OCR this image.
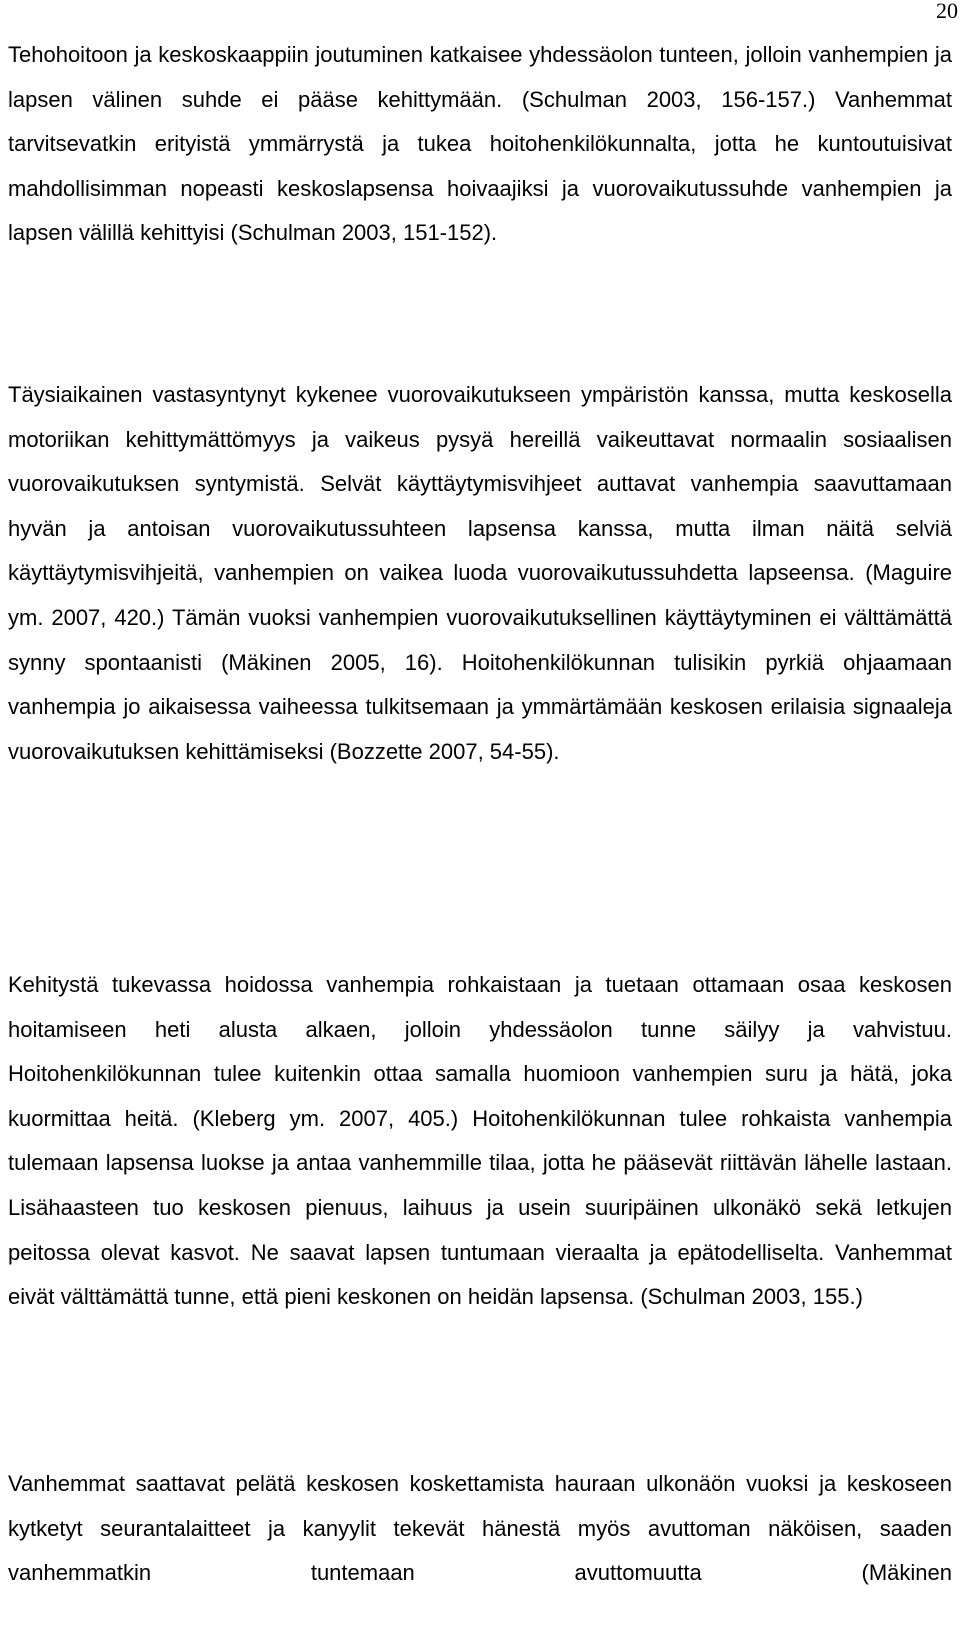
20

Tehohoitoon ja keskoskaappiin joutuminen katkaisee yhdessäolon tunteen, jolloin vanhempien ja lapsen välinen suhde ei pääse kehittymään. (Schulman 2003, 156-157.) Vanhemmat tarvitsevatkin erityistä ymmärrystä ja tukea hoitohenkilökunnalta, jotta he kuntoutuisivat mahdollisimman nopeasti keskoslapsensa hoivaajiksi ja vuorovaikutussuhde vanhempien ja lapsen välillä kehittyisi (Schulman 2003, 151-152).

Täysiaikainen vastasyntynyt kykenee vuorovaikutukseen ympäristön kanssa, mutta keskosella motoriikan kehittymättömyys ja vaikeus pysyä hereillä vaikeuttavat normaalin sosiaalisen vuorovaikutuksen syntymistä. Selvät käyttäytymisvihjeet auttavat vanhempia saavuttamaan hyvän ja antoisan vuorovaikutussuhteen lapsensa kanssa, mutta ilman näitä selviä käyttäytymisvihjeitä, vanhempien on vaikea luoda vuorovaikutussuhdetta lapseensa. (Maguire ym. 2007, 420.) Tämän vuoksi vanhempien vuorovaikutuksellinen käyttäytyminen ei välttämättä synny spontaanisti (Mäkinen 2005, 16). Hoitohenkilökunnan tulisikin pyrkiä ohjaamaan vanhempia jo aikaisessa vaiheessa tulkitsemaan ja ymmärtämään keskosen erilaisia signaaleja vuorovaikutuksen kehittämiseksi (Bozzette 2007, 54-55).

Kehitystä tukevassa hoidossa vanhempia rohkaistaan ja tuetaan ottamaan osaa keskosen hoitamiseen heti alusta alkaen, jolloin yhdessäolon tunne säilyy ja vahvistuu. Hoitohenkilökunnan tulee kuitenkin ottaa samalla huomioon vanhempien suru ja hätä, joka kuormittaa heitä. (Kleberg ym. 2007, 405.) Hoitohenkilökunnan tulee rohkaista vanhempia tulemaan lapsensa luokse ja antaa vanhemmille tilaa, jotta he pääsevät riittävän lähelle lastaan. Lisähaasteen tuo keskosen pienuus, laihuus ja usein suuripäinen ulkonäkö sekä letkujen peitossa olevat kasvot. Ne saavat lapsen tuntumaan vieraalta ja epätodelliselta. Vanhemmat eivät välttämättä tunne, että pieni keskonen on heidän lapsensa. (Schulman 2003, 155.)

Vanhemmat saattavat pelätä keskosen koskettamista hauraan ulkonäön vuoksi ja keskoseen kytketyt seurantalaitteet ja kanyylit tekevät hänestä myös avuttoman näköisen, saaden vanhemmatkin tuntemaan avuttomuutta (Mäkinen
